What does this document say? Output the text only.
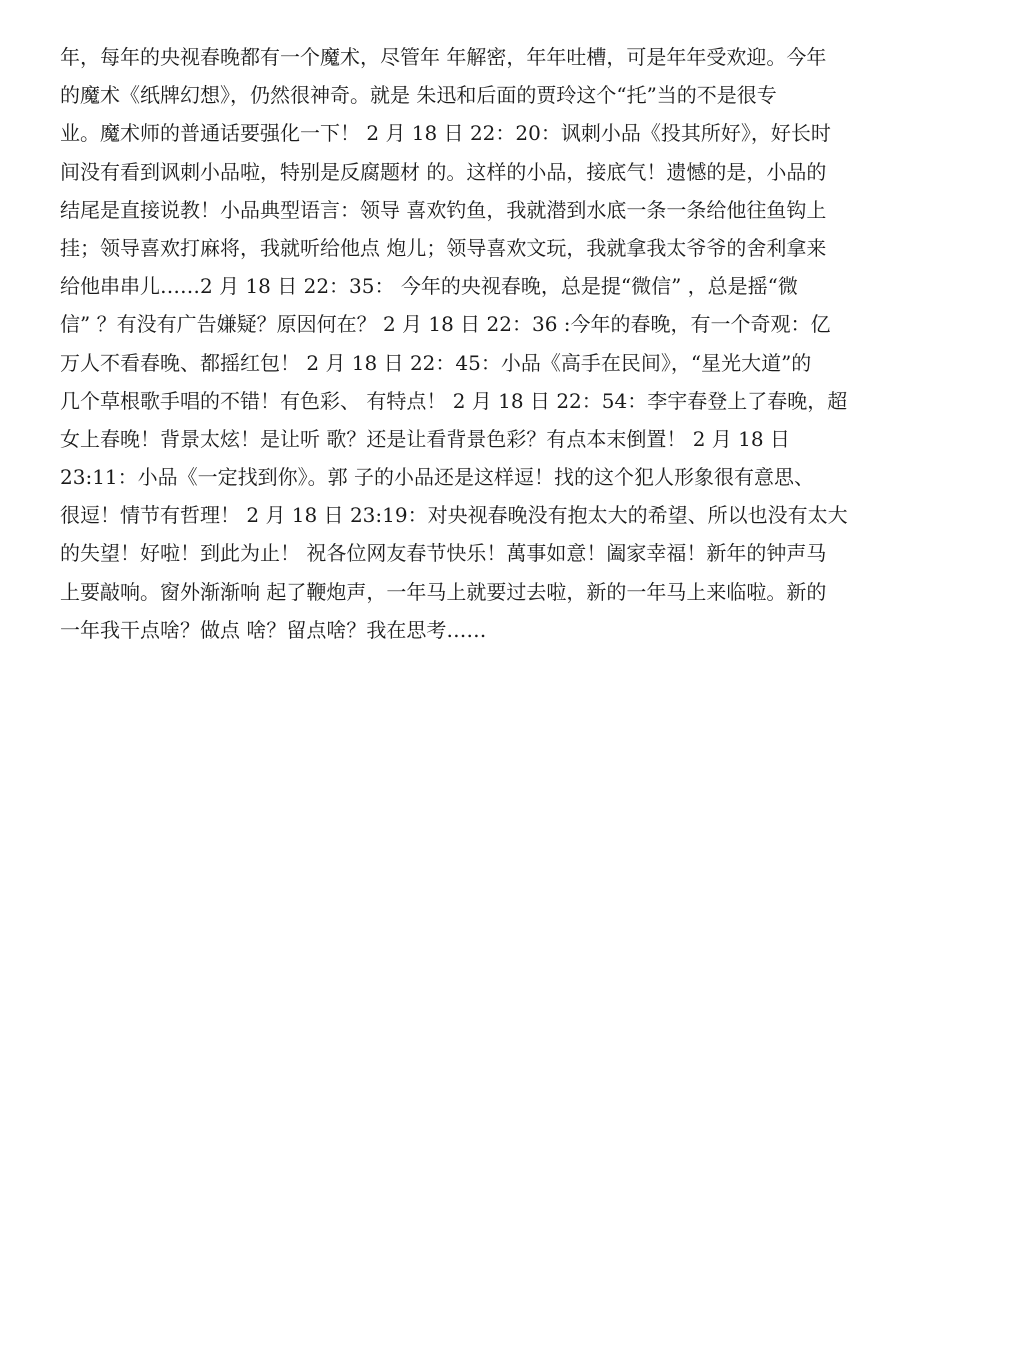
年，每年的央视春晚都有一个魔术，尽管年 年解密，年年吐槽，可是年年受欢迎。今年
的魔术《纸牌幻想》，仍然很神奇。就是 朱迅和后面的贾玲这个“托”当的不是很专
业。魔术师的普通话要强化一下！ 2 月 18 日 22：20：讽刺小品《投其所好》，好长时
间没有看到讽刺小品啦，特别是反腐题材 的。这样的小品，接底气！遗憾的是，小品的
结尾是直接说教！小品典型语言：领导 喜欢钓鱼，我就潜到水底一条一条给他往鱼钩上
挂；领导喜欢打麻将，我就听给他点 炮儿；领导喜欢文玩，我就拿我太爷爷的舍利拿来
给他串串儿……2 月 18 日 22：35： 今年的央视春晚，总是提“微信” ，总是摇“微
信” ？有没有广告嫌疑？原因何在？ 2 月 18 日 22：36 :今年的春晚，有一个奇观：亿
万人不看春晚、都摇红包！ 2 月 18 日 22：45：小品《高手在民间》，“星光大道”的
几个草根歌手唱的不错！有色彩、 有特点！ 2 月 18 日 22：54：李宇春登上了春晚，超
女上春晚！背景太炫！是让听 歌？还是让看背景色彩？有点本末倒置！ 2 月 18 日
23:11：小品《一定找到你》。郭 子的小品还是这样逗！找的这个犯人形象很有意思、
很逗！情节有哲理！ 2 月 18 日 23:19：对央视春晚没有抱太大的希望、所以也没有太大
的失望！好啦！到此为止！ 祝各位网友春节快乐！萬事如意！阖家幸福！新年的钟声马
上要敲响。窗外渐渐响 起了鞭炮声，一年马上就要过去啦，新的一年马上来临啦。新的
一年我干点啥？做点 啥？留点啥？我在思考……
